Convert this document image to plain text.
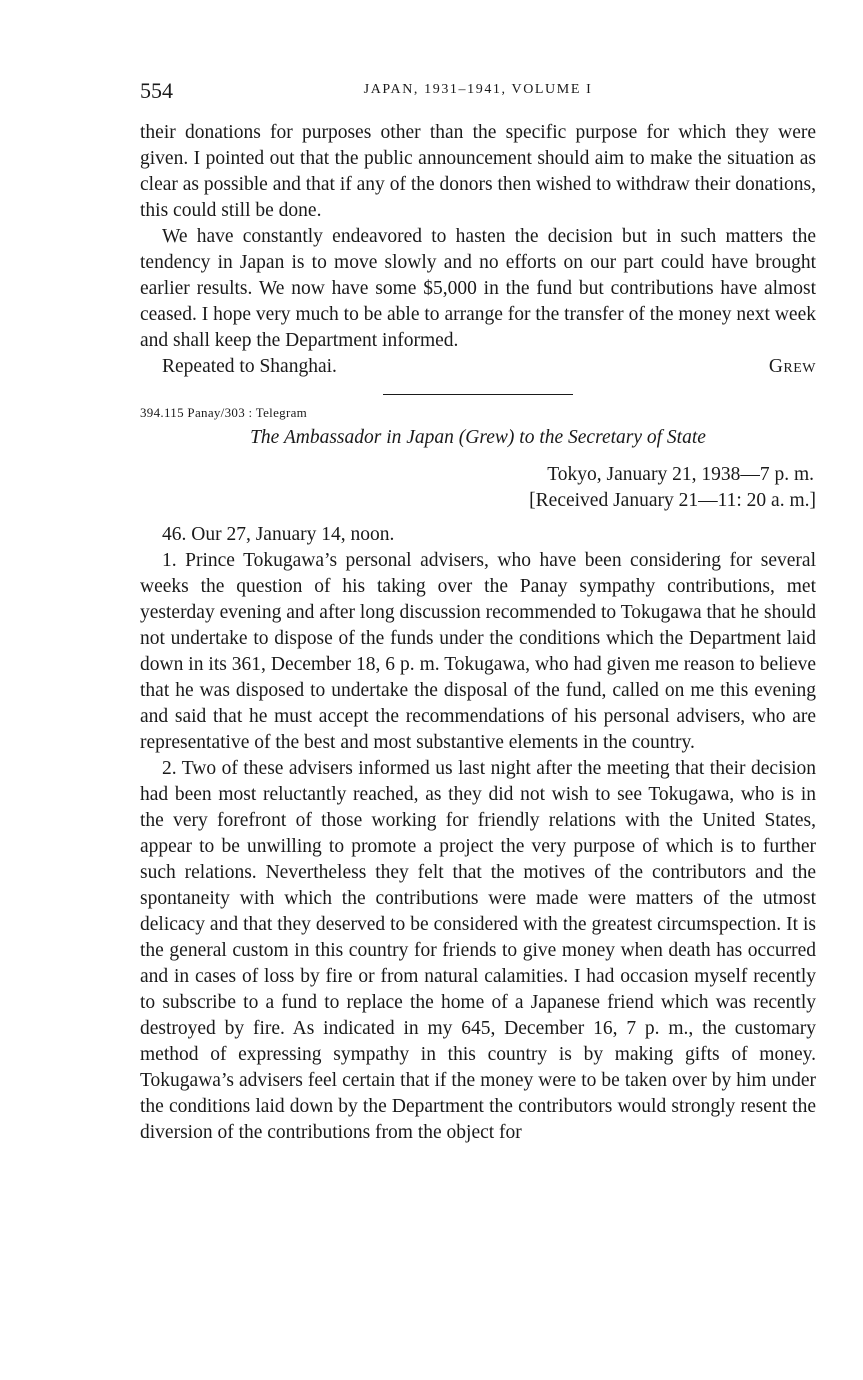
554	JAPAN, 1931–1941, VOLUME I

their donations for purposes other than the specific purpose for which they were given. I pointed out that the public announcement should aim to make the situation as clear as possible and that if any of the donors then wished to withdraw their donations, this could still be done.

We have constantly endeavored to hasten the decision but in such matters the tendency in Japan is to move slowly and no efforts on our part could have brought earlier results. We now have some $5,000 in the fund but contributions have almost ceased. I hope very much to be able to arrange for the transfer of the money next week and shall keep the Department informed.

Repeated to Shanghai.	Grew
394.115 Panay/303 : Telegram
The Ambassador in Japan (Grew) to the Secretary of State
Tokyo, January 21, 1938—7 p. m.
[Received January 21—11: 20 a. m.]

46. Our 27, January 14, noon.

1. Prince Tokugawa’s personal advisers, who have been considering for several weeks the question of his taking over the Panay sympathy contributions, met yesterday evening and after long discussion recommended to Tokugawa that he should not undertake to dispose of the funds under the conditions which the Department laid down in its 361, December 18, 6 p. m. Tokugawa, who had given me reason to believe that he was disposed to undertake the disposal of the fund, called on me this evening and said that he must accept the recommendations of his personal advisers, who are representative of the best and most substantive elements in the country.

2. Two of these advisers informed us last night after the meeting that their decision had been most reluctantly reached, as they did not wish to see Tokugawa, who is in the very forefront of those working for friendly relations with the United States, appear to be unwilling to promote a project the very purpose of which is to further such relations. Nevertheless they felt that the motives of the contributors and the spontaneity with which the contributions were made were matters of the utmost delicacy and that they deserved to be considered with the greatest circumspection. It is the general custom in this country for friends to give money when death has occurred and in cases of loss by fire or from natural calamities. I had occasion myself recently to subscribe to a fund to replace the home of a Japanese friend which was recently destroyed by fire. As indicated in my 645, December 16, 7 p. m., the customary method of expressing sympathy in this country is by making gifts of money. Tokugawa’s advisers feel certain that if the money were to be taken over by him under the conditions laid down by the Department the contributors would strongly resent the diversion of the contributions from the object for
